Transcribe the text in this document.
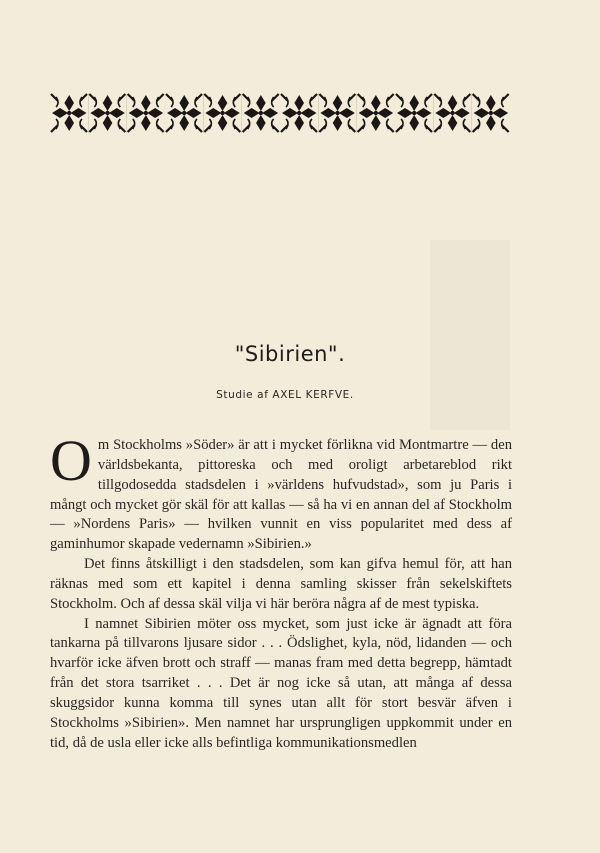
"Sibirien".
Studie af AXEL KERFVE.

Om Stockholms »Söder» är att i mycket förlikna vid Montmartre — den världsbekanta, pittoreska och med oroligt arbetareblod rikt tillgodosedda stadsdelen i »världens hufvudstad», som ju Paris i mångt och mycket gör skäl för att kallas — så ha vi en annan del af Stockholm — »Nordens Paris» — hvilken vunnit en viss popularitet med dess af gaminhumor skapade vedernamn »Sibirien.»

Det finns åtskilligt i den stadsdelen, som kan gifva hemul för, att han räknas med som ett kapitel i denna samling skisser från sekelskiftets Stockholm. Och af dessa skäl vilja vi här beröra några af de mest typiska.

I namnet Sibirien möter oss mycket, som just icke är ägnadt att föra tankarna på tillvarons ljusare sidor . . . Ödslighet, kyla, nöd, lidanden — och hvarför icke äfven brott och straff — manas fram med detta begrepp, hämtadt från det stora tsarriket . . . Det är nog icke så utan, att många af dessa skuggsidor kunna komma till synes utan allt för stort besvär äfven i Stockholms »Sibirien». Men namnet har ursprungligen uppkommit under en tid, då de usla eller icke alls befintliga kommunikationsmedlen
